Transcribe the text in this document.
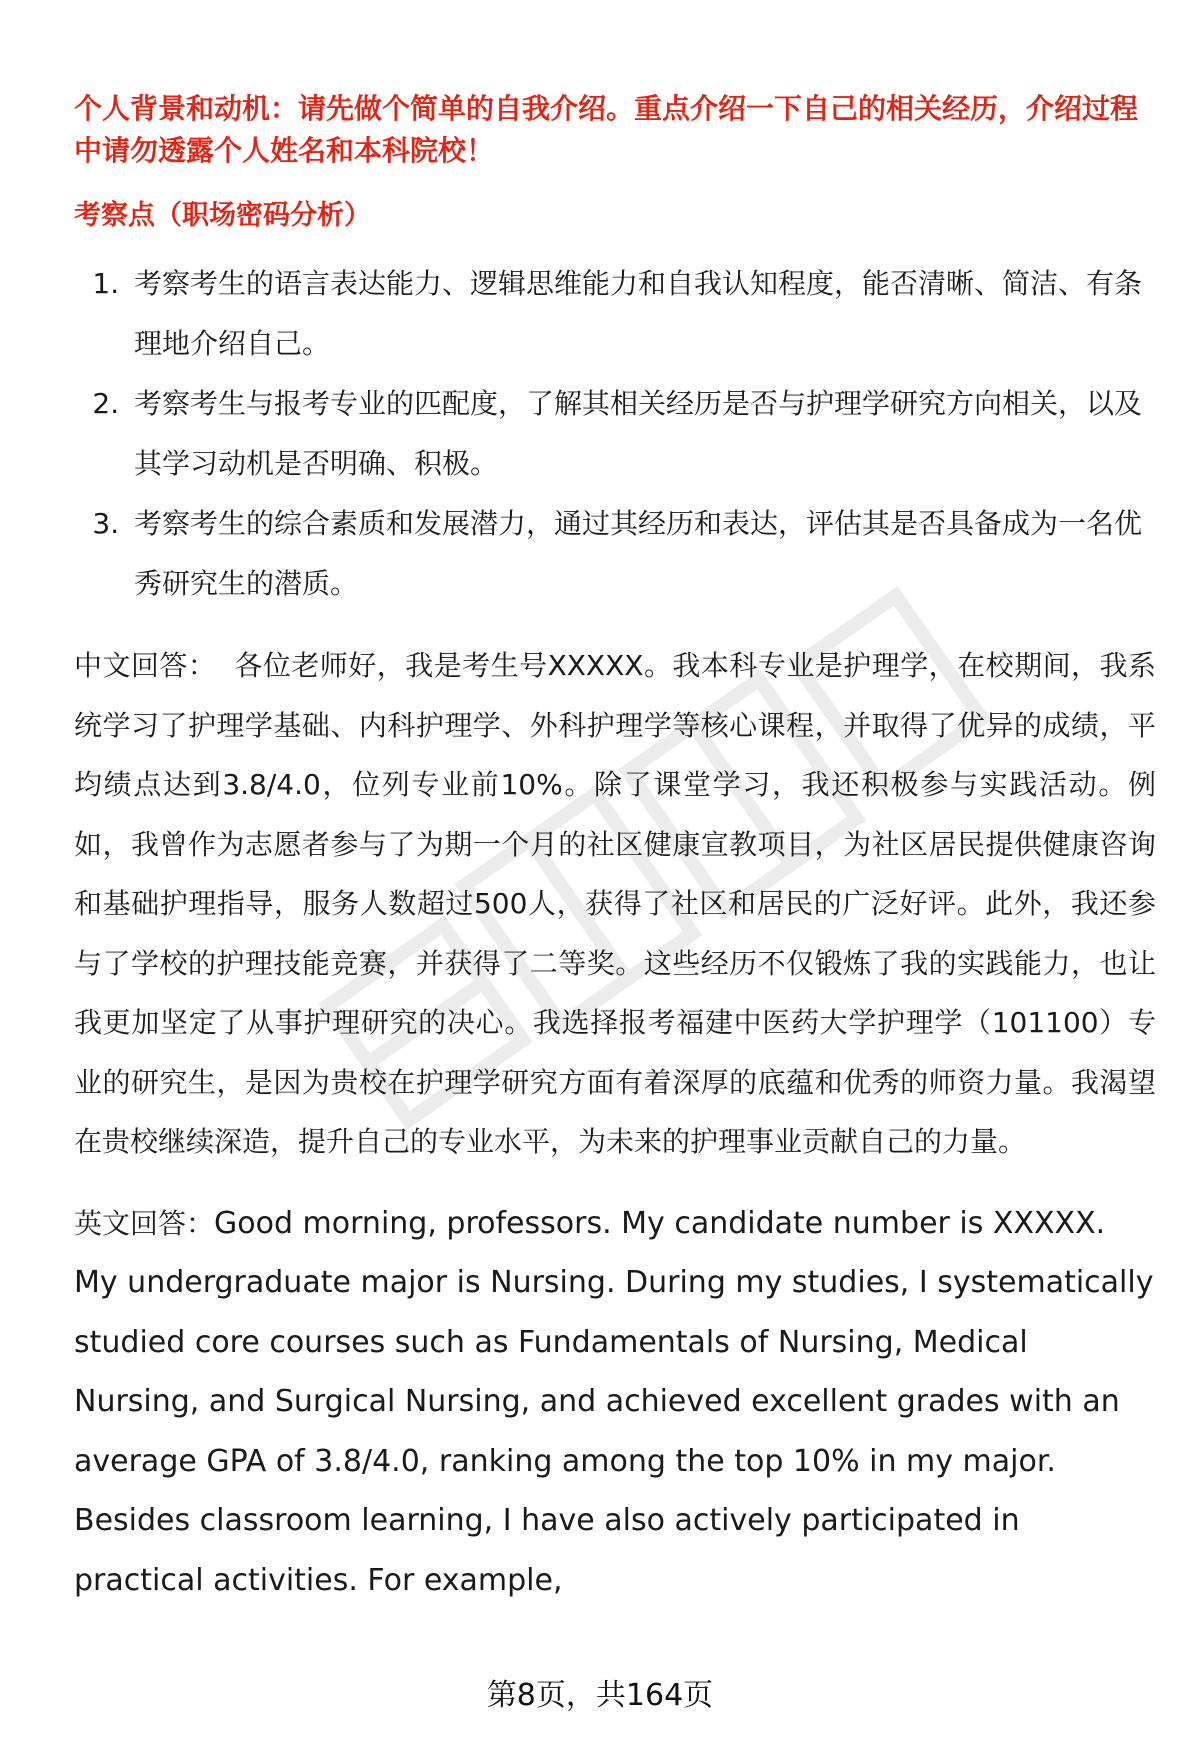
个人背景和动机：请先做个简单的自我介绍。重点介绍一下自己的相关经历，介绍过程中请勿透露个人姓名和本科院校！

考察点（职场密码分析）

1. 考察考生的语言表达能力、逻辑思维能力和自我认知程度，能否清晰、简洁、有条理地介绍自己。
2. 考察考生与报考专业的匹配度，了解其相关经历是否与护理学研究方向相关，以及其学习动机是否明确、积极。
3. 考察考生的综合素质和发展潜力，通过其经历和表达，评估其是否具备成为一名优秀研究生的潜质。

中文回答： 各位老师好，我是考生号XXXXX。我本科专业是护理学，在校期间，我系统学习了护理学基础、内科护理学、外科护理学等核心课程，并取得了优异的成绩，平均绩点达到3.8/4.0，位列专业前10%。除了课堂学习，我还积极参与实践活动。例如，我曾作为志愿者参与了为期一个月的社区健康宣教项目，为社区居民提供健康咨询和基础护理指导，服务人数超过500人，获得了社区和居民的广泛好评。此外，我还参与了学校的护理技能竞赛，并获得了二等奖。这些经历不仅锻炼了我的实践能力，也让我更加坚定了从事护理研究的决心。我选择报考福建中医药大学护理学（101100）专业的研究生，是因为贵校在护理学研究方面有着深厚的底蕴和优秀的师资力量。我渴望在贵校继续深造，提升自己的专业水平，为未来的护理事业贡献自己的力量。

英文回答：Good morning, professors. My candidate number is XXXXX. My undergraduate major is Nursing. During my studies, I systematically studied core courses such as Fundamentals of Nursing, Medical Nursing, and Surgical Nursing, and achieved excellent grades with an average GPA of 3.8/4.0, ranking among the top 10% in my major. Besides classroom learning, I have also actively participated in practical activities. For example,

第8页，共164页
